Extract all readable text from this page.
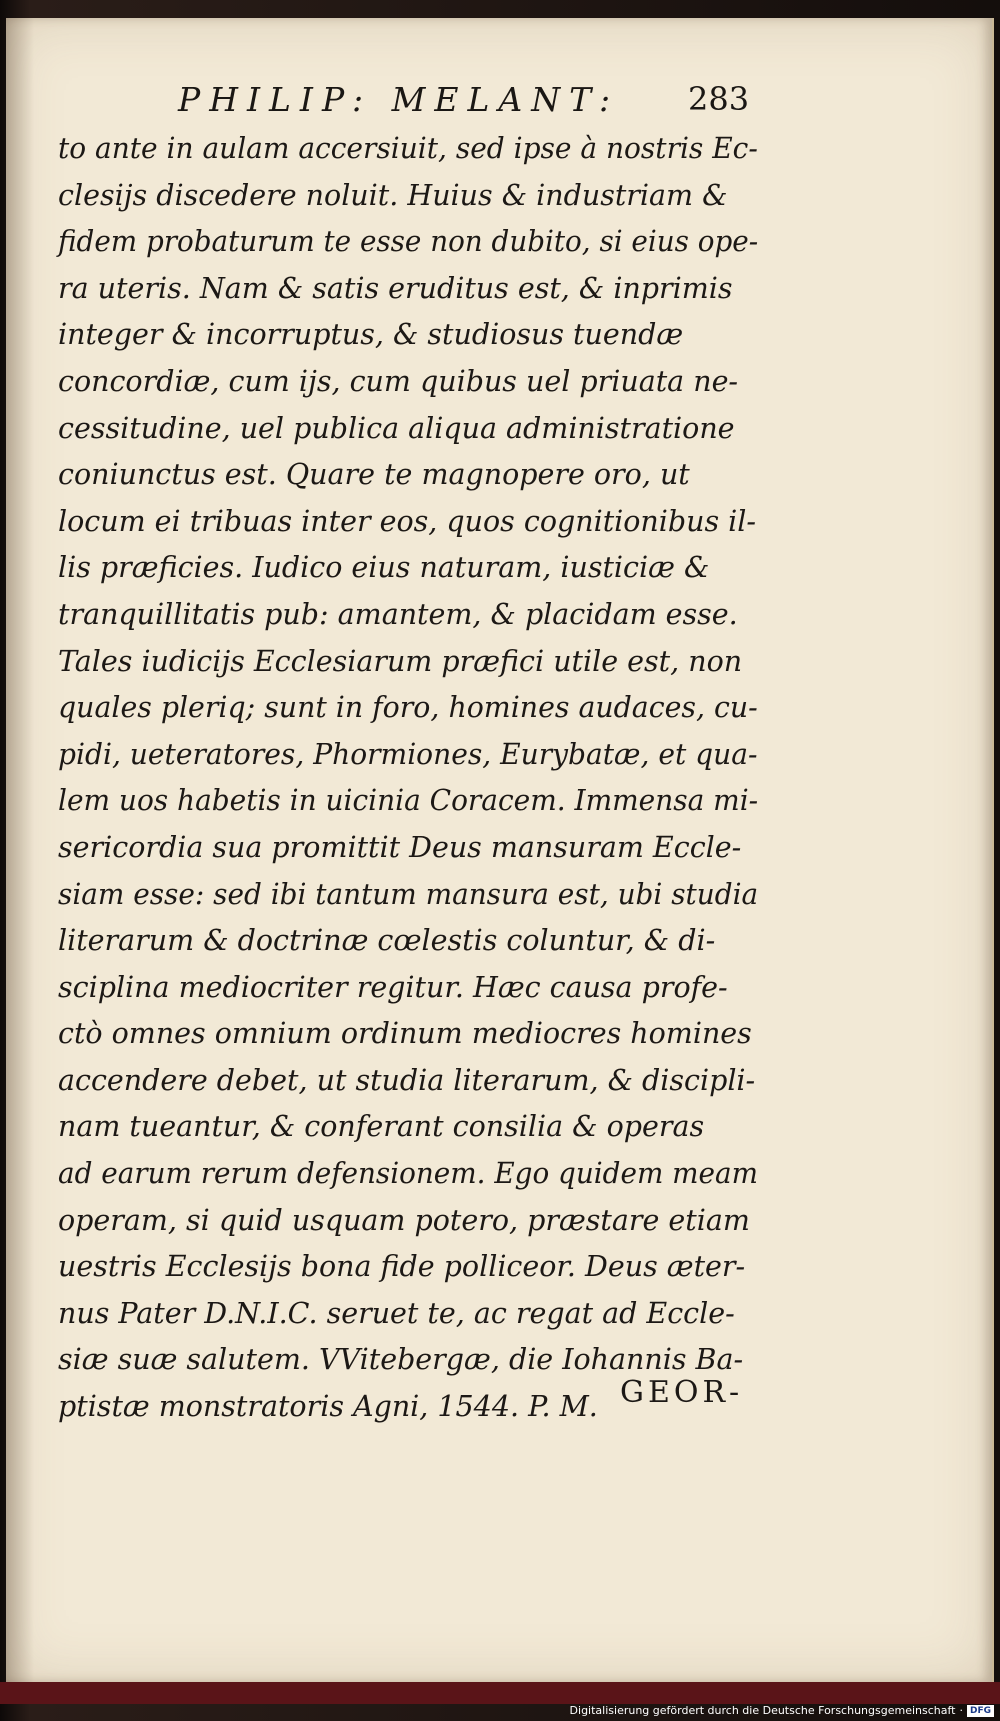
PHILIP: MELANT:	283
to ante in aulam accersiuit, sed ipse à nostris Ec-
clesijs discedere noluit. Huius & industriam &
fidem probaturum te esse non dubito, si eius ope-
ra uteris. Nam & satis eruditus est, & inprimis
integer & incorruptus, & studiosus tuendæ
concordiæ, cum ijs, cum quibus uel priuata ne-
cessitudine, uel publica aliqua administratione
coniunctus est. Quare te magnopere oro, ut
locum ei tribuas inter eos, quos cognitionibus il-
lis præficies. Iudico eius naturam, iusticiæ &
tranquillitatis pub: amantem, & placidam esse.
Tales iudicijs Ecclesiarum præfici utile est, non
quales pleriq; sunt in foro, homines audaces, cu-
pidi, ueteratores, Phormiones, Eurybatæ, et qua-
lem uos habetis in uicinia Coracem. Immensa mi-
sericordia sua promittit Deus mansuram Eccle-
siam esse: sed ibi tantum mansura est, ubi studia
literarum & doctrinæ cœlestis coluntur, & di-
sciplina mediocriter regitur. Hæc causa profe-
ctò omnes omnium ordinum mediocres homines
accendere debet, ut studia literarum, & discipli-
nam tueantur, & conferant consilia & operas
ad earum rerum defensionem. Ego quidem meam
operam, si quid usquam potero, præstare etiam
uestris Ecclesijs bona fide polliceor. Deus æter-
nus Pater D.N.I.C. seruet te, ac regat ad Eccle-
siæ suæ salutem. VVitebergæ, die Iohannis Ba-
ptistæ monstratoris Agni, 1544. P. M. GEOR-
Digitalisierung gefördert durch die Deutsche Forschungsgemeinschaft · DFG
